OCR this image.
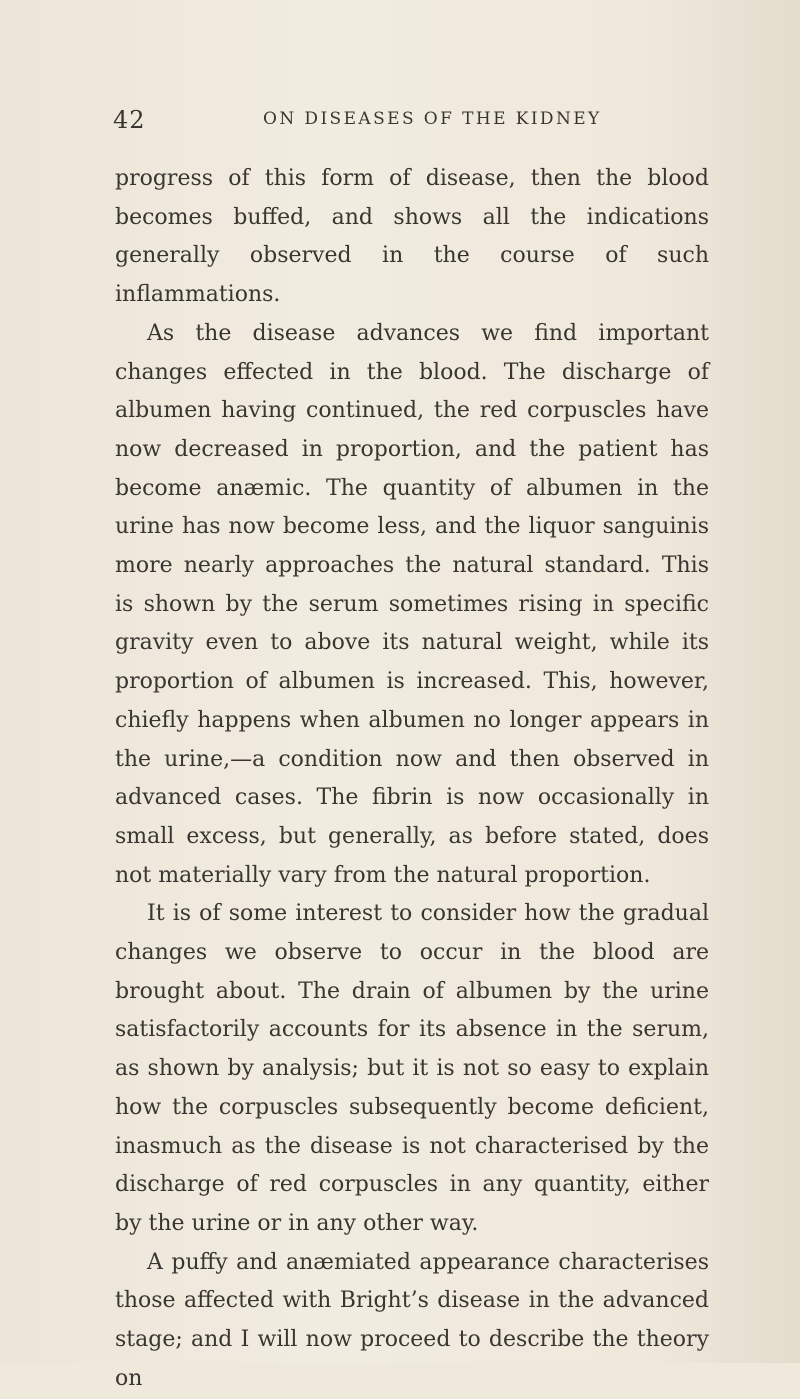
42	ON DISEASES OF THE KIDNEY

progress of this form of disease, then the blood becomes buffed, and shows all the indications generally observed in the course of such inflammations.

As the disease advances we find important changes effected in the blood. The discharge of albumen having continued, the red corpuscles have now decreased in proportion, and the patient has become anæmic. The quantity of albumen in the urine has now become less, and the liquor sanguinis more nearly approaches the natural standard. This is shown by the serum sometimes rising in specific gravity even to above its natural weight, while its proportion of albumen is increased. This, however, chiefly happens when albumen no longer appears in the urine,—a condition now and then observed in advanced cases. The fibrin is now occasionally in small excess, but generally, as before stated, does not materially vary from the natural proportion.

It is of some interest to consider how the gradual changes we observe to occur in the blood are brought about. The drain of albumen by the urine satisfactorily accounts for its absence in the serum, as shown by analysis; but it is not so easy to explain how the corpuscles subsequently become deficient, inasmuch as the disease is not characterised by the discharge of red corpuscles in any quantity, either by the urine or in any other way.

A puffy and anæmiated appearance characterises those affected with Bright’s disease in the advanced stage; and I will now proceed to describe the theory on
